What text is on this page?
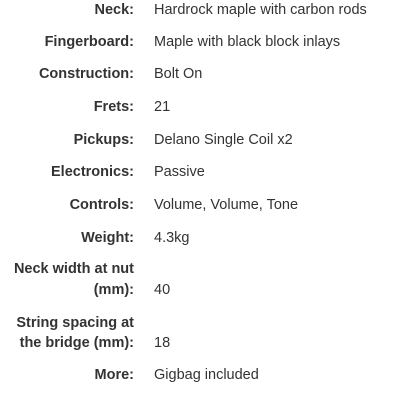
Neck: Hardrock maple with carbon rods
Fingerboard: Maple with black block inlays
Construction: Bolt On
Frets: 21
Pickups: Delano Single Coil x2
Electronics: Passive
Controls: Volume, Volume, Tone
Weight: 4.3kg
Neck width at nut
(mm): 40
String spacing at
the bridge (mm): 18
More: Gigbag included
